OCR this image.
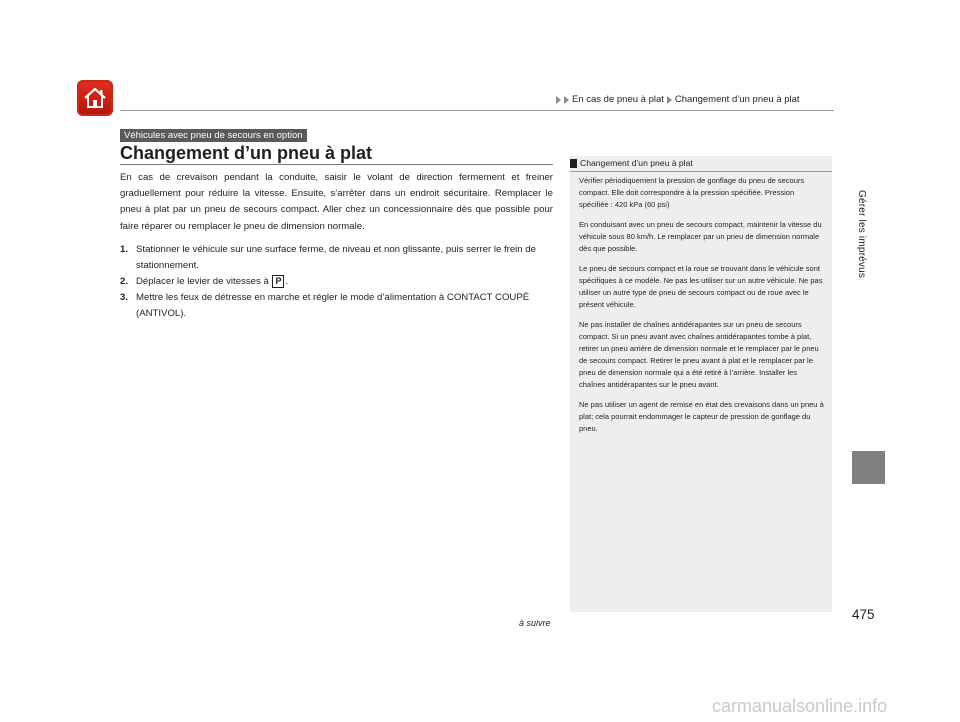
En cas de pneu à plat Changement d’un pneu à plat
Véhicules avec pneu de secours en option
Changement d’un pneu à plat
En cas de crevaison pendant la conduite, saisir le volant de direction fermement et freiner graduellement pour réduire la vitesse. Ensuite, s’arrêter dans un endroit sécuritaire. Remplacer le pneu à plat par un pneu de secours compact. Aller chez un concessionnaire dès que possible pour faire réparer ou remplacer le pneu de dimension normale.
1. Stationner le véhicule sur une surface ferme, de niveau et non glissante, puis serrer le frein de stationnement.
2. Déplacer le levier de vitesses à P .
3. Mettre les feux de détresse en marche et régler le mode d’alimentation à CONTACT COUPÉ (ANTIVOL).
Changement d’un pneu à plat

Vérifier périodiquement la pression de gonflage du pneu de secours compact. Elle doit correspondre à la pression spécifiée. Pression spécifiée : 420 kPa (60 psi)

En conduisant avec un pneu de secours compact, maintenir la vitesse du véhicule sous 80 km/h. Le remplacer par un pneu de dimension normale dès que possible.

Le pneu de secours compact et la roue se trouvant dans le véhicule sont spécifiques à ce modèle. Ne pas les utiliser sur un autre véhicule. Ne pas utiliser un autre type de pneu de secours compact ou de roue avec le présent véhicule.

Ne pas installer de chaînes antidérapantes sur un pneu de secours compact. Si un pneu avant avec chaînes antidérapantes tombe à plat, retirer un pneu arrière de dimension normale et le remplacer par le pneu de secours compact. Retirer le pneu avant à plat et le remplacer par le pneu de dimension normale qui a été retiré à l’arrière. Installer les chaînes antidérapantes sur le pneu avant.

Ne pas utiliser un agent de remise en état des crevaisons dans un pneu à plat; cela pourrait endommager le capteur de pression de gonflage du pneu.

Gérer les imprévus
475
à suivre
carmanualsonline.info
